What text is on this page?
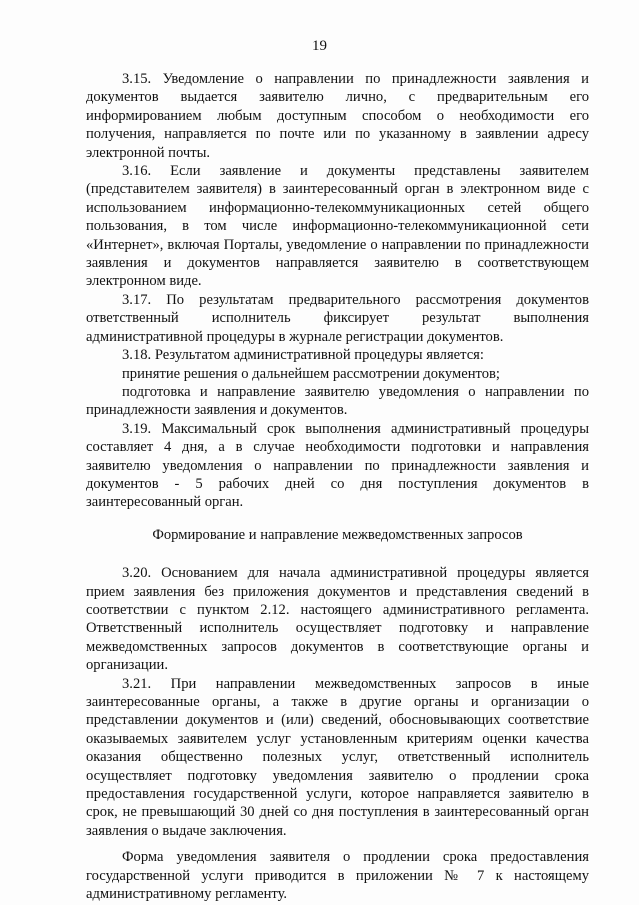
19

3.15. Уведомление о направлении по принадлежности заявления и документов выдается заявителю лично, с предварительным его информированием любым доступным способом о необходимости его получения, направляется по почте или по указанному в заявлении адресу электронной почты.

3.16. Если заявление и документы представлены заявителем (представителем заявителя) в заинтересованный орган в электронном виде с использованием информационно-телекоммуникационных сетей общего пользования, в том числе информационно-телекоммуникационной сети «Интернет», включая Порталы, уведомление о направлении по принадлежности заявления и документов направляется заявителю в соответствующем электронном виде.

3.17. По результатам предварительного рассмотрения документов ответственный исполнитель фиксирует результат выполнения административной процедуры в журнале регистрации документов.

3.18. Результатом административной процедуры является:

принятие решения о дальнейшем рассмотрении документов;

подготовка и направление заявителю уведомления о направлении по принадлежности заявления и документов.

3.19. Максимальный срок выполнения административный процедуры составляет 4 дня, а в случае необходимости подготовки и направления заявителю уведомления о направлении по принадлежности заявления и документов - 5 рабочих дней со дня поступления документов в заинтересованный орган.

Формирование и направление межведомственных запросов

3.20. Основанием для начала административной процедуры является прием заявления без приложения документов и представления сведений в соответствии с пунктом 2.12. настоящего административного регламента. Ответственный исполнитель осуществляет подготовку и направление межведомственных запросов документов в соответствующие органы и организации.

3.21. При направлении межведомственных запросов в иные заинтересованные органы, а также в другие органы и организации о представлении документов и (или) сведений, обосновывающих соответствие оказываемых заявителем услуг установленным критериям оценки качества оказания общественно полезных услуг, ответственный исполнитель осуществляет подготовку уведомления заявителю о продлении срока предоставления государственной услуги, которое направляется заявителю в срок, не превышающий 30 дней со дня поступления в заинтересованный орган заявления о выдаче заключения.

Форма уведомления заявителя о продлении срока предоставления государственной услуги приводится в приложении № 7 к настоящему административному регламенту.
